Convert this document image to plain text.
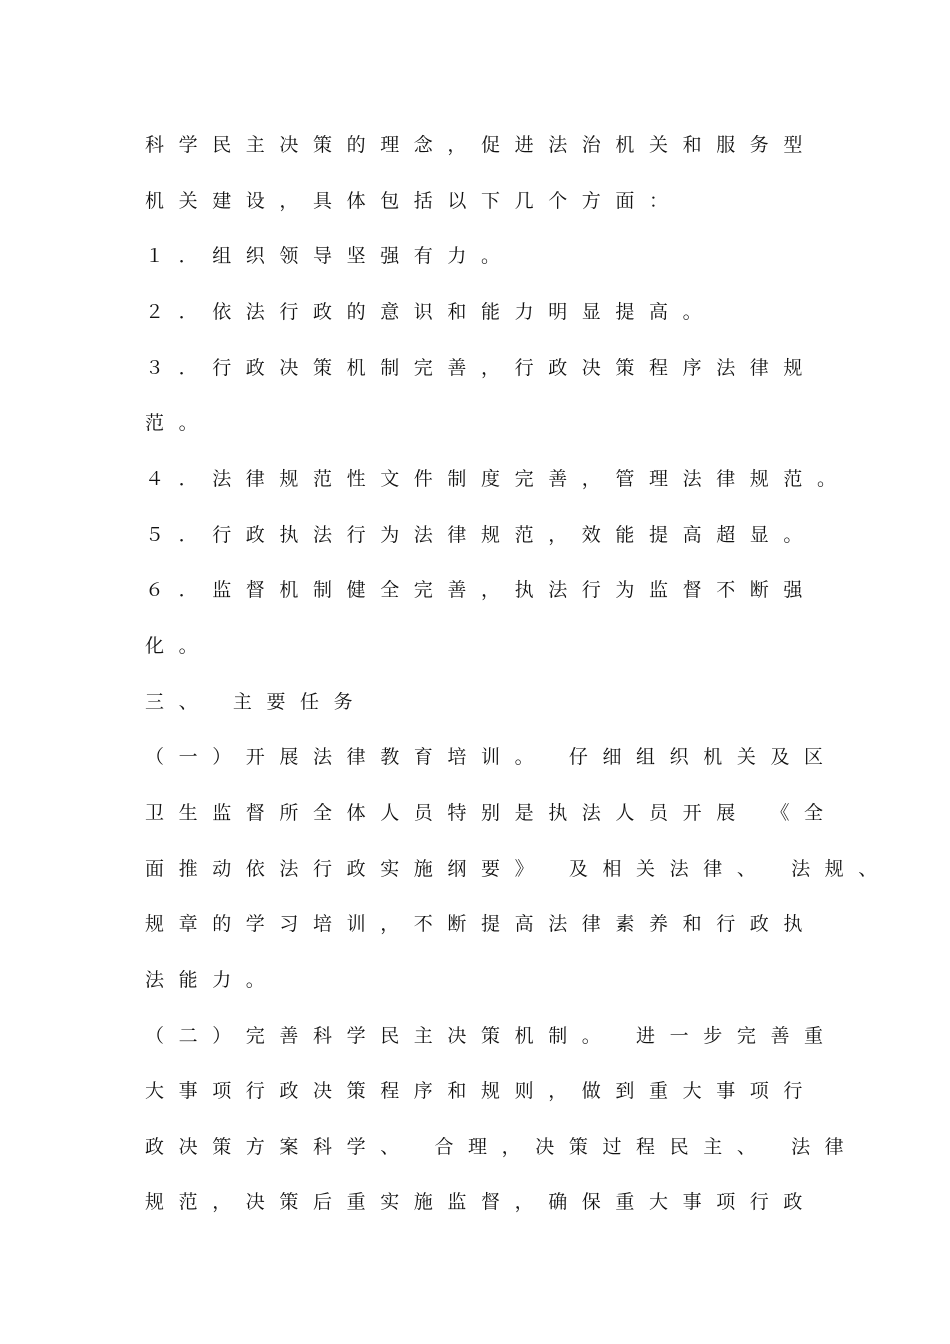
科学民主决策的理念，促进法治机关和服务型
机关建设，具体包括以下几个方面：
１．组织领导坚强有力。
２．依法行政的意识和能力明显提高。
３．行政决策机制完善，行政决策程序法律规
范。
４．法律规范性文件制度完善，管理法律规范。
５．行政执法行为法律规范，效能提高超显。
６．监督机制健全完善，执法行为监督不断强
化。
三、 主要任务
（一）开展法律教育培训。 仔细组织机关及区
卫生监督所全体人员特别是执法人员开展 《全
面推动依法行政实施纲要》 及相关法律、 法规、
规章的学习培训，不断提高法律素养和行政执
法能力。
（二）完善科学民主决策机制。 进一步完善重
大事项行政决策程序和规则，做到重大事项行
政决策方案科学、 合理，决策过程民主、 法律
规范，决策后重实施监督，确保重大事项行政
